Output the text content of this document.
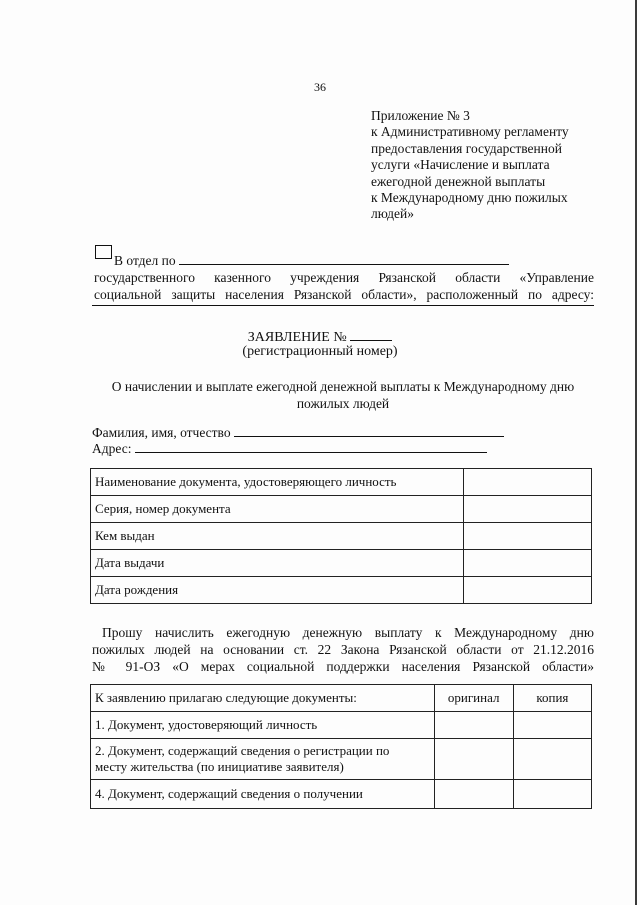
36
Приложение № 3
к Административному регламенту
предоставления государственной
услуги «Начисление и выплата
ежегодной денежной выплаты
к Международному дню пожилых
людей»
В отдел по
государственного казенного учреждения Рязанской области «Управление
социальной защиты населения Рязанской области», расположенный по адресу:
ЗАЯВЛЕНИЕ №
(регистрационный номер)
О начислении и выплате ежегодной денежной выплаты к Международному дню
пожилых людей
Фамилия, имя, отчество
Адрес:
Наименование документа, удостоверяющего личность	
Серия, номер документа	
Кем выдан	
Дата выдачи	
Дата рождения	
Прошу начислить ежегодную денежную выплату к Международному дню
пожилых людей на основании ст. 22 Закона Рязанской области от 21.12.2016
№ 91-ОЗ «О мерах социальной поддержки населения Рязанской области»
К заявлению прилагаю следующие документы:	оригинал	копия
1. Документ, удостоверяющий личность		

2. Документ, содержащий сведения о регистрации по
месту жительства (по инициативе заявителя)		

4. Документ, содержащий сведения о получении		
